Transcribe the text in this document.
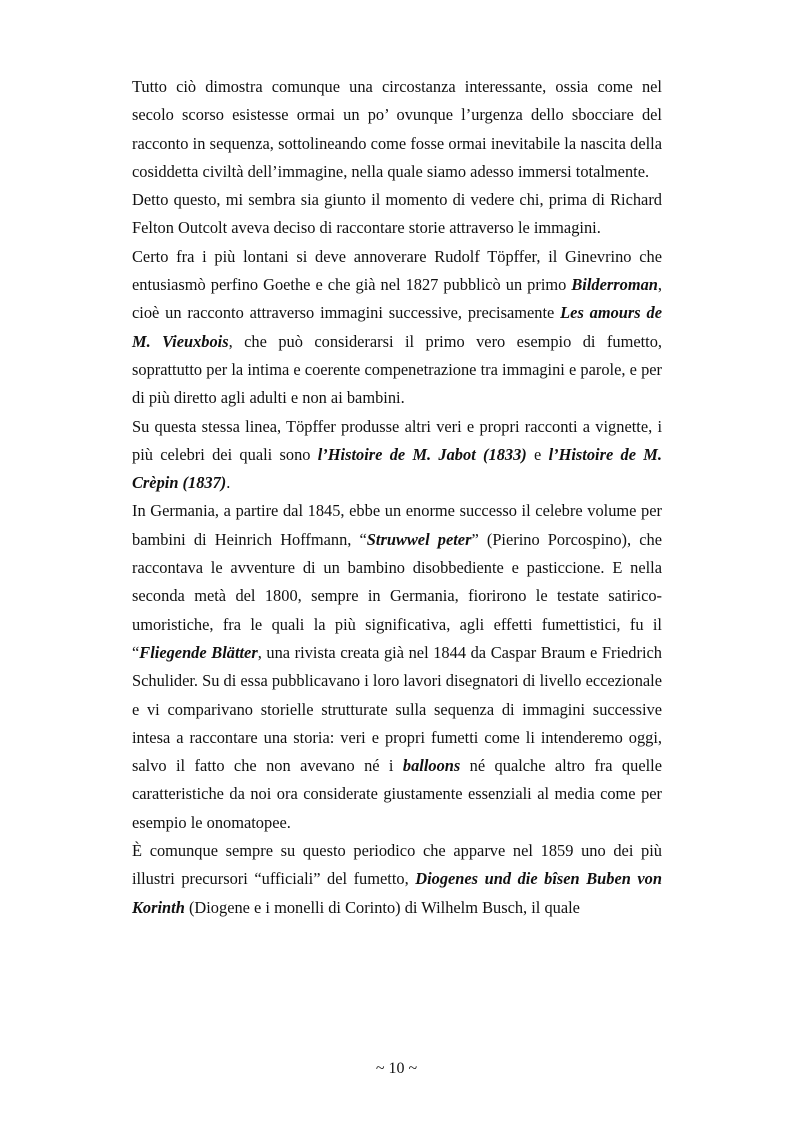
Tutto ciò dimostra comunque una circostanza interessante, ossia come nel secolo scorso esistesse ormai un po’ ovunque l’urgenza dello sbocciare del racconto in sequenza, sottolineando come fosse ormai inevitabile la nascita della cosiddetta civiltà dell’immagine, nella quale siamo adesso immersi totalmente.

Detto questo, mi sembra sia giunto il momento di vedere chi, prima di Richard Felton Outcolt aveva deciso di raccontare storie attraverso le immagini.

Certo fra i più lontani si deve annoverare Rudolf Töpffer, il Ginevrino che entusiasmò perfino Goethe e che già nel 1827 pubblicò un primo Bilderroman, cioè un racconto attraverso immagini successive, precisamente Les amours de M. Vieuxbois, che può considerarsi il primo vero esempio di fumetto, soprattutto per la intima e coerente compenetrazione tra immagini e parole, e per di più diretto agli adulti e non ai bambini.

Su questa stessa linea, Töpffer produsse altri veri e propri racconti a vignette, i più celebri dei quali sono l’Histoire de M. Jabot (1833) e l’Histoire de M. Crèpin (1837).

In Germania, a partire dal 1845, ebbe un enorme successo il celebre volume per bambini di Heinrich Hoffmann, “Struwwel peter” (Pierino Porcospino), che raccontava le avventure di un bambino disobbediente e pasticcione. E nella seconda metà del 1800, sempre in Germania, fiorirono le testate satirico-umoristiche, fra le quali la più significativa, agli effetti fumettistici, fu il “Fliegende Blätter, una rivista creata già nel 1844 da Caspar Braum e Friedrich Schulider. Su di essa pubblicavano i loro lavori disegnatori di livello eccezionale e vi comparivano storielle strutturate sulla sequenza di immagini successive intesa a raccontare una storia: veri e propri fumetti come li intenderemo oggi, salvo il fatto che non avevano né i balloons né qualche altro fra quelle caratteristiche da noi ora considerate giustamente essenziali al media come per esempio le onomatopee.

È comunque sempre su questo periodico che apparve nel 1859 uno dei più illustri precursori “ufficiali” del fumetto, Diogenes und die bîsen Buben von Korinth (Diogene e i monelli di Corinto) di Wilhelm Busch, il quale

~ 10 ~
